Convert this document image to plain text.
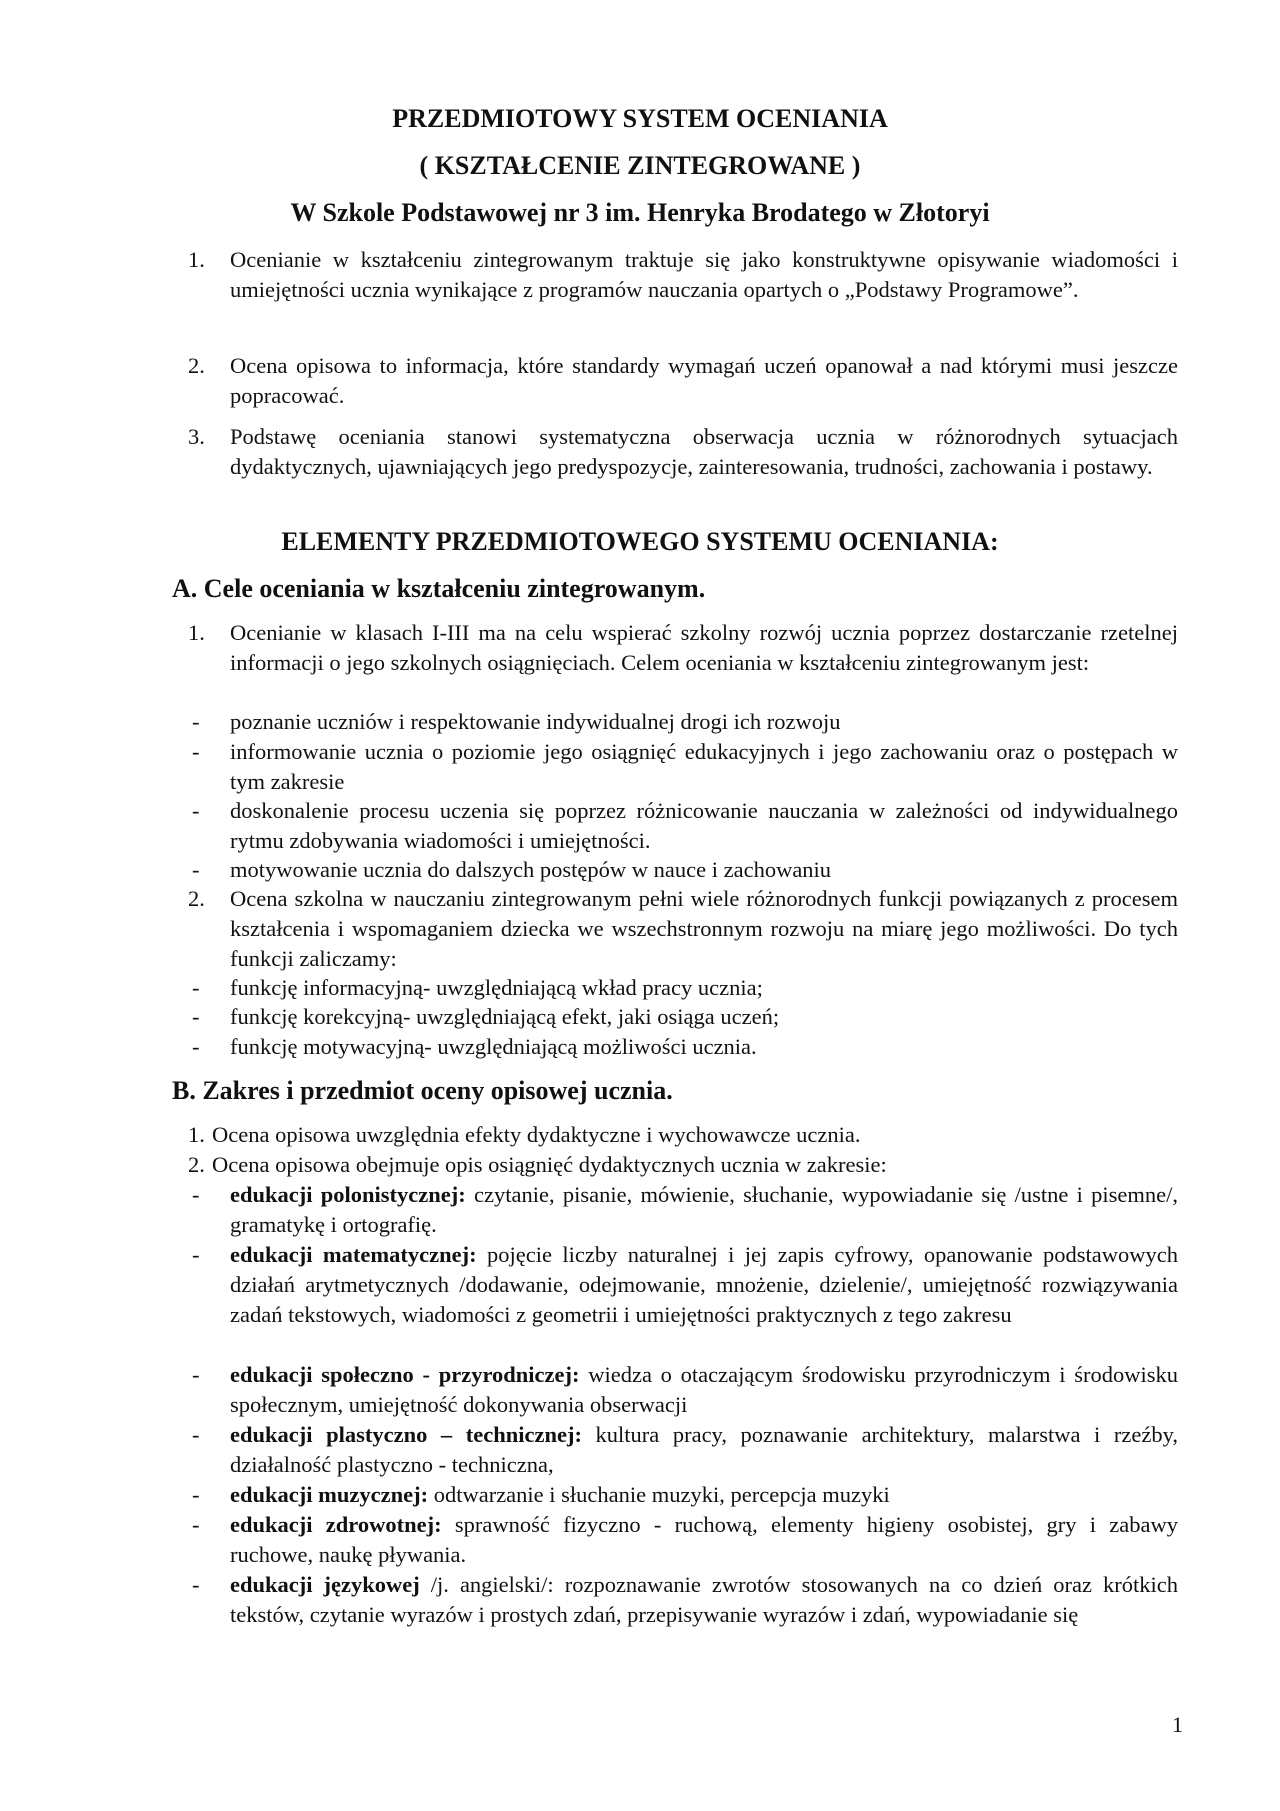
PRZEDMIOTOWY SYSTEM OCENIANIA
( KSZTAŁCENIE ZINTEGROWANE )
W Szkole Podstawowej nr 3 im. Henryka Brodatego w Złotoryi
1. Ocenianie w kształceniu zintegrowanym traktuje się jako konstruktywne opisywanie wiadomości i umiejętności ucznia wynikające z programów nauczania opartych o „Podstawy Programowe”.
2. Ocena opisowa to informacja, które standardy wymagań uczeń opanował a nad którymi musi jeszcze popracować.
3. Podstawę oceniania stanowi systematyczna obserwacja ucznia w różnorodnych sytuacjach dydaktycznych, ujawniających jego predyspozycje, zainteresowania, trudności, zachowania i postawy.
ELEMENTY PRZEDMIOTOWEGO SYSTEMU OCENIANIA:
A. Cele oceniania w kształceniu zintegrowanym.
1. Ocenianie w klasach I-III ma na celu wspierać szkolny rozwój ucznia poprzez dostarczanie rzetelnej informacji o jego szkolnych osiągnięciach. Celem oceniania w kształceniu zintegrowanym jest:
-	poznanie uczniów i respektowanie indywidualnej drogi ich rozwoju
-	informowanie ucznia o poziomie jego osiągnięć edukacyjnych i jego zachowaniu oraz o postępach w tym zakresie
-	doskonalenie procesu uczenia się poprzez różnicowanie nauczania w zależności od indywidualnego rytmu zdobywania wiadomości i umiejętności.
-	motywowanie ucznia do dalszych postępów w nauce i zachowaniu
2. Ocena szkolna w nauczaniu zintegrowanym pełni wiele różnorodnych funkcji powiązanych z procesem kształcenia i wspomaganiem dziecka we wszechstronnym rozwoju na miarę jego możliwości. Do tych funkcji zaliczamy:
-	funkcję informacyjną- uwzględniającą wkład pracy ucznia;
-	funkcję korekcyjną- uwzględniającą efekt, jaki osiąga uczeń;
-	funkcję motywacyjną- uwzględniającą możliwości ucznia.
B. Zakres i przedmiot oceny opisowej ucznia.
1. Ocena opisowa uwzględnia efekty dydaktyczne i wychowawcze ucznia.
2. Ocena opisowa obejmuje opis osiągnięć dydaktycznych ucznia w zakresie:
-	edukacji polonistycznej: czytanie, pisanie, mówienie, słuchanie, wypowiadanie się /ustne i pisemne/, gramatykę i ortografię.
-	edukacji matematycznej: pojęcie liczby naturalnej i jej zapis cyfrowy, opanowanie podstawowych działań arytmetycznych /dodawanie, odejmowanie, mnożenie, dzielenie/, umiejętność rozwiązywania zadań tekstowych, wiadomości z geometrii i umiejętności praktycznych z tego zakresu
-	edukacji społeczno - przyrodniczej: wiedza o otaczającym środowisku przyrodniczym i środowisku społecznym, umiejętność dokonywania obserwacji
-	edukacji plastyczno – technicznej: kultura pracy, poznawanie architektury, malarstwa i rzeźby, działalność plastyczno - techniczna,
-	edukacji muzycznej: odtwarzanie i słuchanie muzyki, percepcja muzyki
-	edukacji zdrowotnej: sprawność fizyczno - ruchową, elementy higieny osobistej, gry i zabawy ruchowe, naukę pływania.
-	edukacji językowej /j. angielski/: rozpoznawanie zwrotów stosowanych na co dzień oraz krótkich tekstów, czytanie wyrazów i prostych zdań, przepisywanie wyrazów i zdań, wypowiadanie się
1
